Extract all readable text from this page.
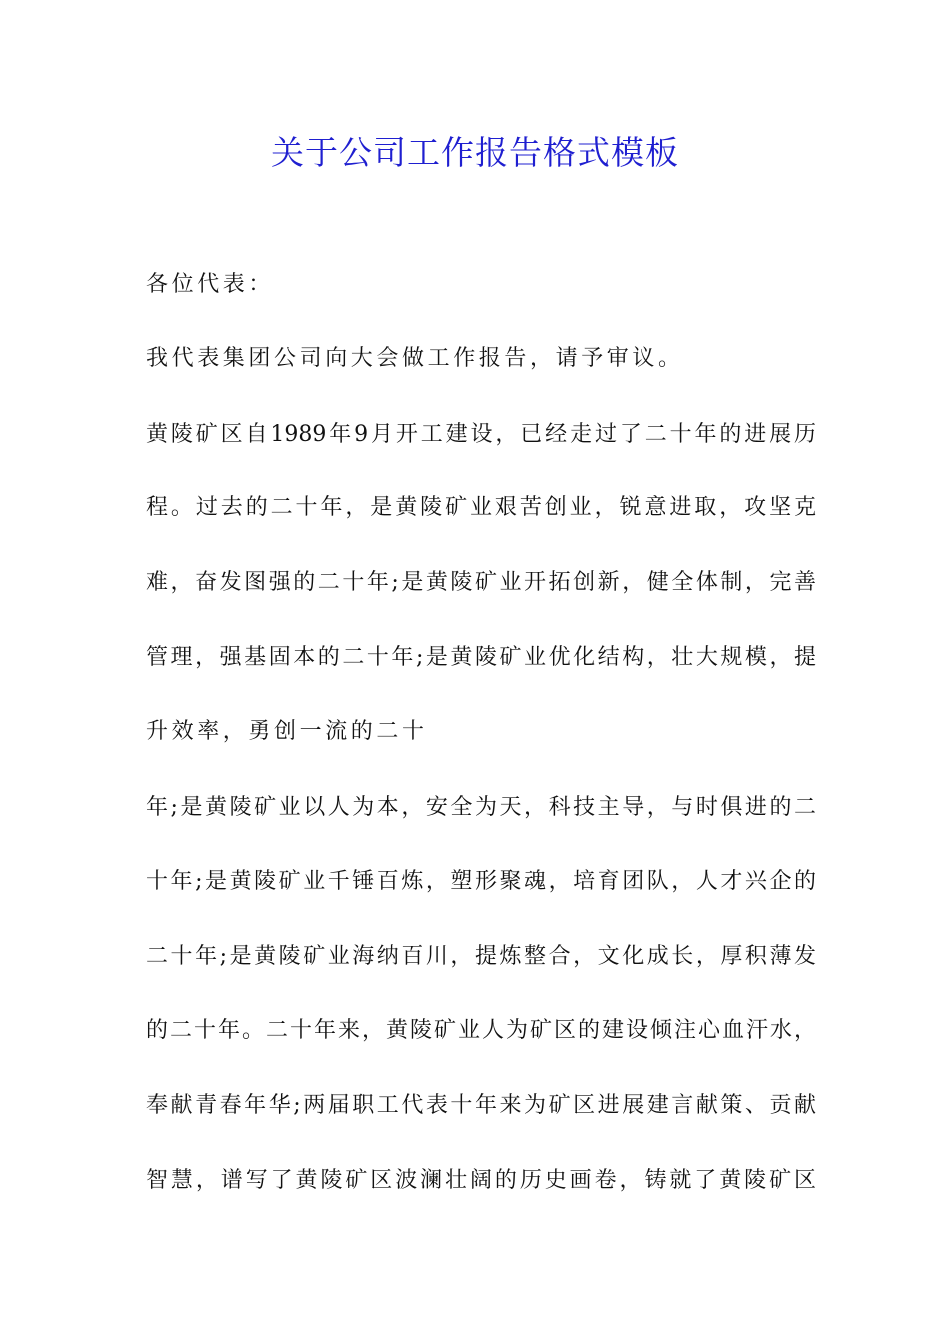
关于公司工作报告格式模板

各位代表：

我代表集团公司向大会做工作报告，请予审议。

黄陵矿区自1989年9月开工建设，已经走过了二十年的进展历

程。过去的二十年，是黄陵矿业艰苦创业，锐意进取，攻坚克

难，奋发图强的二十年;是黄陵矿业开拓创新，健全体制，完善

管理，强基固本的二十年;是黄陵矿业优化结构，壮大规模，提

升效率，勇创一流的二十

年;是黄陵矿业以人为本，安全为天，科技主导，与时俱进的二

十年;是黄陵矿业千锤百炼，塑形聚魂，培育团队，人才兴企的

二十年;是黄陵矿业海纳百川，提炼整合，文化成长，厚积薄发

的二十年。二十年来，黄陵矿业人为矿区的建设倾注心血汗水，

奉献青春年华;两届职工代表十年来为矿区进展建言献策、贡献

智慧，谱写了黄陵矿区波澜壮阔的历史画卷，铸就了黄陵矿区
